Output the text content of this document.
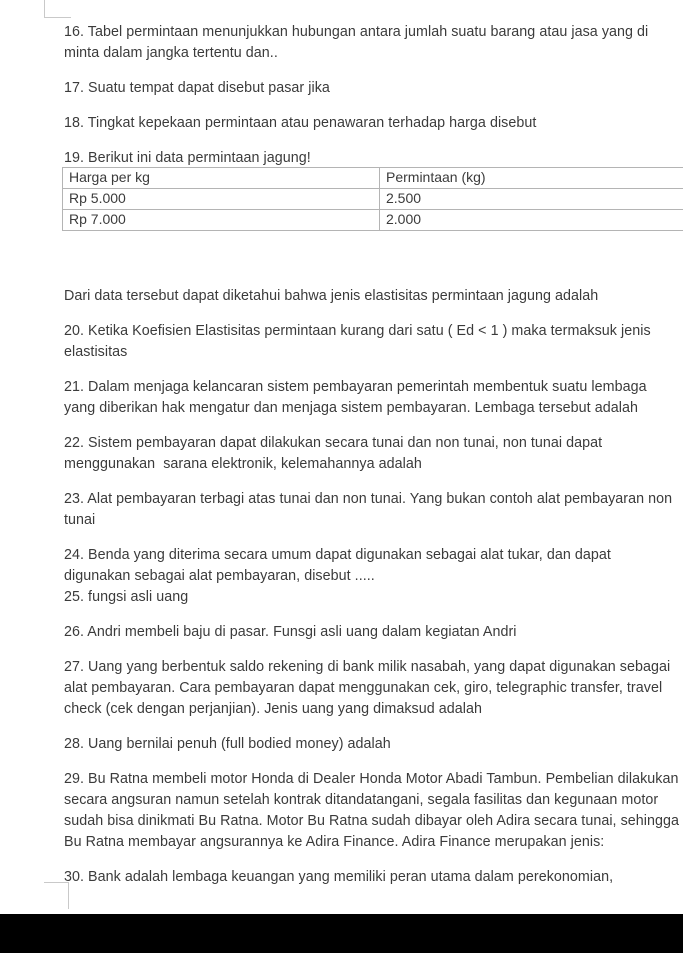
16. Tabel permintaan menunjukkan hubungan antara jumlah suatu barang atau jasa yang di minta dalam jangka tertentu dan..

17. Suatu tempat dapat disebut pasar jika

18. Tingkat kepekaan permintaan atau penawaran terhadap harga disebut

19. Berikut ini data permintaan jagung!

Dari data tersebut dapat diketahui bahwa jenis elastisitas permintaan jagung adalah

20. Ketika Koefisien Elastisitas permintaan kurang dari satu ( Ed < 1 ) maka termaksuk jenis elastisitas

21. Dalam menjaga kelancaran sistem pembayaran pemerintah membentuk suatu lembaga yang diberikan hak mengatur dan menjaga sistem pembayaran. Lembaga tersebut adalah

22. Sistem pembayaran dapat dilakukan secara tunai dan non tunai, non tunai dapat menggunakan  sarana elektronik, kelemahannya adalah

23. Alat pembayaran terbagi atas tunai dan non tunai. Yang bukan contoh alat pembayaran non tunai

24. Benda yang diterima secara umum dapat digunakan sebagai alat tukar, dan dapat digunakan sebagai alat pembayaran, disebut .....

25. fungsi asli uang

26. Andri membeli baju di pasar. Funsgi asli uang dalam kegiatan Andri

27. Uang yang berbentuk saldo rekening di bank milik nasabah, yang dapat digunakan sebagai alat pembayaran. Cara pembayaran dapat menggunakan cek, giro, telegraphic transfer, travel check (cek dengan perjanjian). Jenis uang yang dimaksud adalah

28. Uang bernilai penuh (full bodied money) adalah

29. Bu Ratna membeli motor Honda di Dealer Honda Motor Abadi Tambun. Pembelian dilakukan secara angsuran namun setelah kontrak ditandatangani, segala fasilitas dan kegunaan motor sudah bisa dinikmati Bu Ratna. Motor Bu Ratna sudah dibayar oleh Adira secara tunai, sehingga Bu Ratna membayar angsurannya ke Adira Finance. Adira Finance merupakan jenis:

30. Bank adalah lembaga keuangan yang memiliki peran utama dalam perekonomian,

Harga per kg	Permintaan (kg)
Rp 5.000	2.500
Rp 7.000	2.000
